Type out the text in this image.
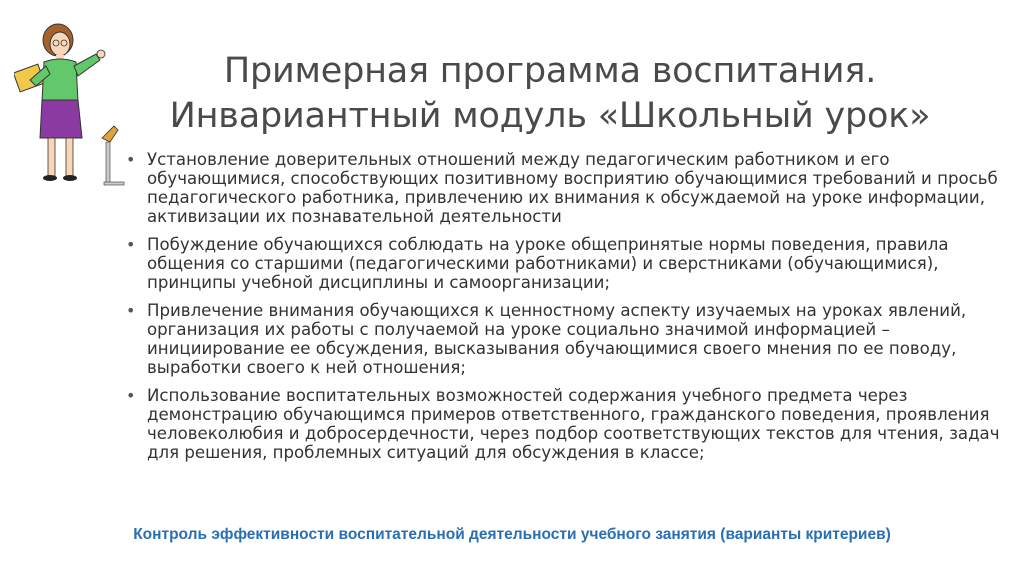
Примерная программа воспитания.
Инвариантный модуль «Школьный урок»
• Установление доверительных отношений между педагогическим работником и его обучающимися, способствующих позитивному восприятию обучающимися требований и просьб педагогического работника, привлечению их внимания к обсуждаемой на уроке информации, активизации их познавательной деятельности
• Побуждение обучающихся соблюдать на уроке общепринятые нормы поведения, правила общения со старшими (педагогическими работниками) и сверстниками (обучающимися), принципы учебной дисциплины и самоорганизации;
• Привлечение внимания обучающихся к ценностному аспекту изучаемых на уроках явлений, организация их работы с получаемой на уроке социально значимой информацией – инициирование ее обсуждения, высказывания обучающимися своего мнения по ее поводу, выработки своего к ней отношения;
• Использование воспитательных возможностей содержания учебного предмета через демонстрацию обучающимся примеров ответственного, гражданского поведения, проявления человеколюбия и добросердечности, через подбор соответствующих текстов для чтения, задач для решения, проблемных ситуаций для обсуждения в классе;
Контроль эффективности воспитательной деятельности учебного занятия (варианты критериев)
